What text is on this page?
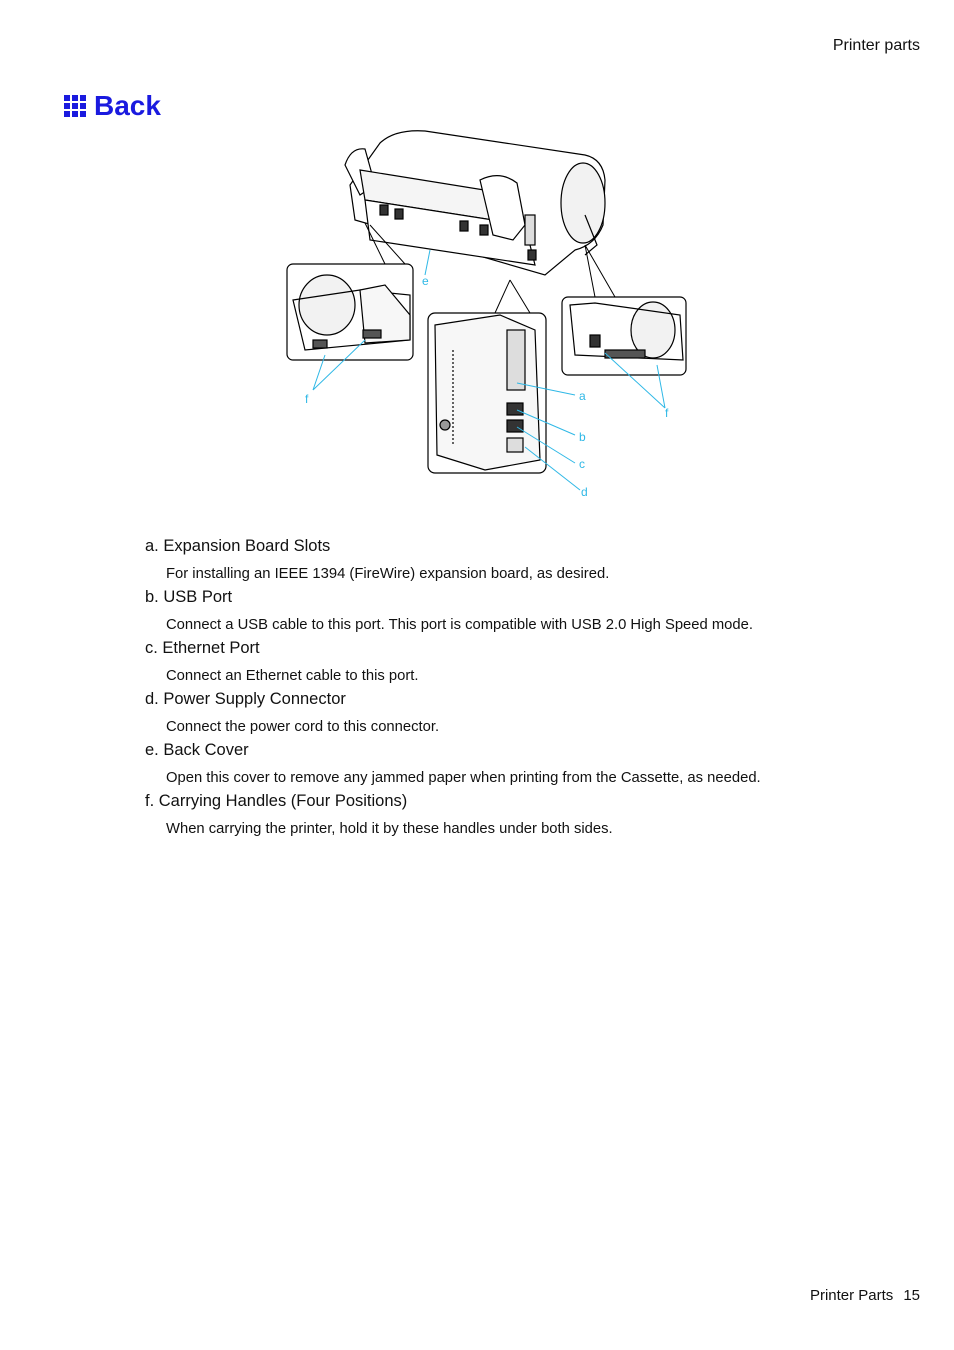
Printer parts
Back
e
f	a
b
c
d
f
a. Expansion Board Slots
For installing an IEEE 1394 (FireWire) expansion board, as desired.
b. USB Port
Connect a USB cable to this port. This port is compatible with USB 2.0 High Speed mode.
c. Ethernet Port
Connect an Ethernet cable to this port.
d. Power Supply Connector
Connect the power cord to this connector.
e. Back Cover
Open this cover to remove any jammed paper when printing from the Cassette, as needed.
f. Carrying Handles (Four Positions)
When carrying the printer, hold it by these handles under both sides.
Printer Parts 15
